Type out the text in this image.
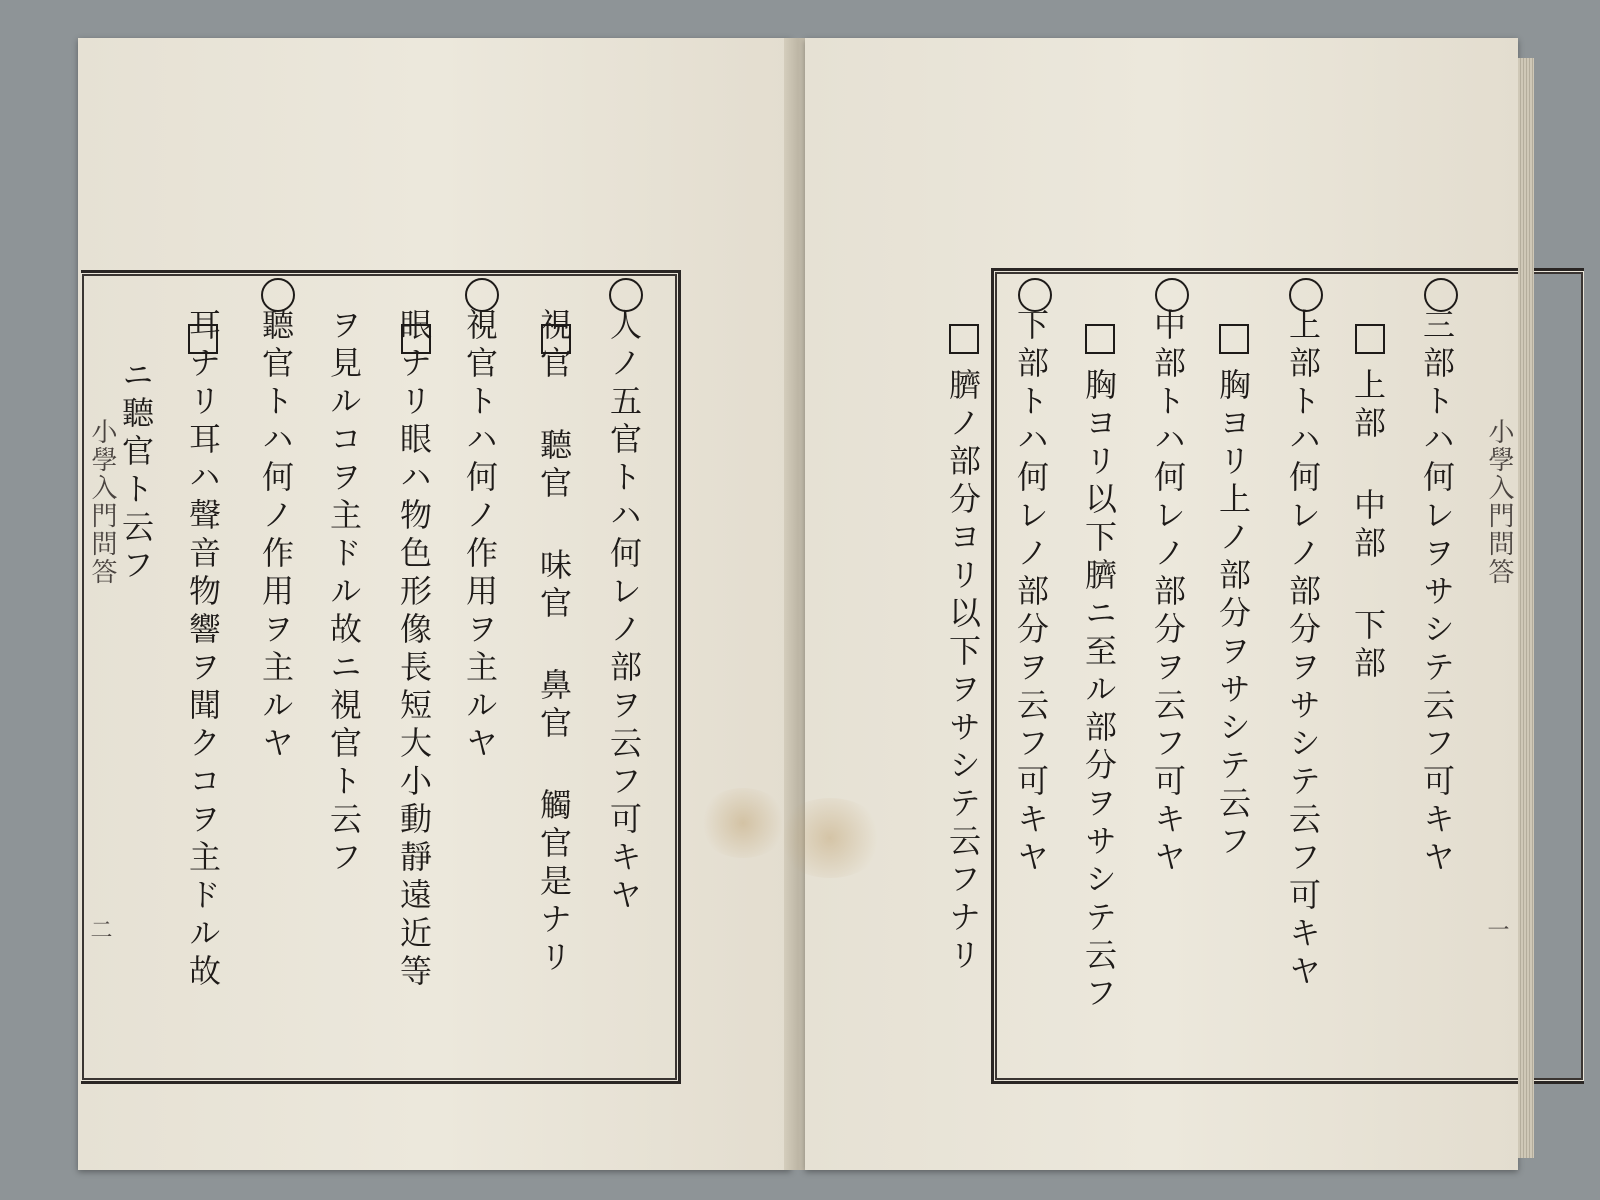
小學入門問答
二
人ノ五官トハ何レノ部ヲ云フ可キヤ
視官 聽官 味官 鼻官 觸官是ナリ
視官トハ何ノ作用ヲ主ルヤ
眼ナリ眼ハ物色形像長短大小動靜遠近等
ヲ見ルコヲ主ドル故ニ視官ト云フ
聽官トハ何ノ作用ヲ主ルヤ
耳ナリ耳ハ聲音物響ヲ聞クコヲ主ドル故
ニ聽官ト云フ	小學入門問答
一
三部トハ何レヲサシテ云フ可キヤ
上部 中部 下部
上部トハ何レノ部分ヲサシテ云フ可キヤ
胸ヨリ上ノ部分ヲサシテ云フ
中部トハ何レノ部分ヲ云フ可キヤ
胸ヨリ以下臍ニ至ル部分ヲサシテ云フ
下部トハ何レノ部分ヲ云フ可キヤ
臍ノ部分ヨリ以下ヲサシテ云フナリ
